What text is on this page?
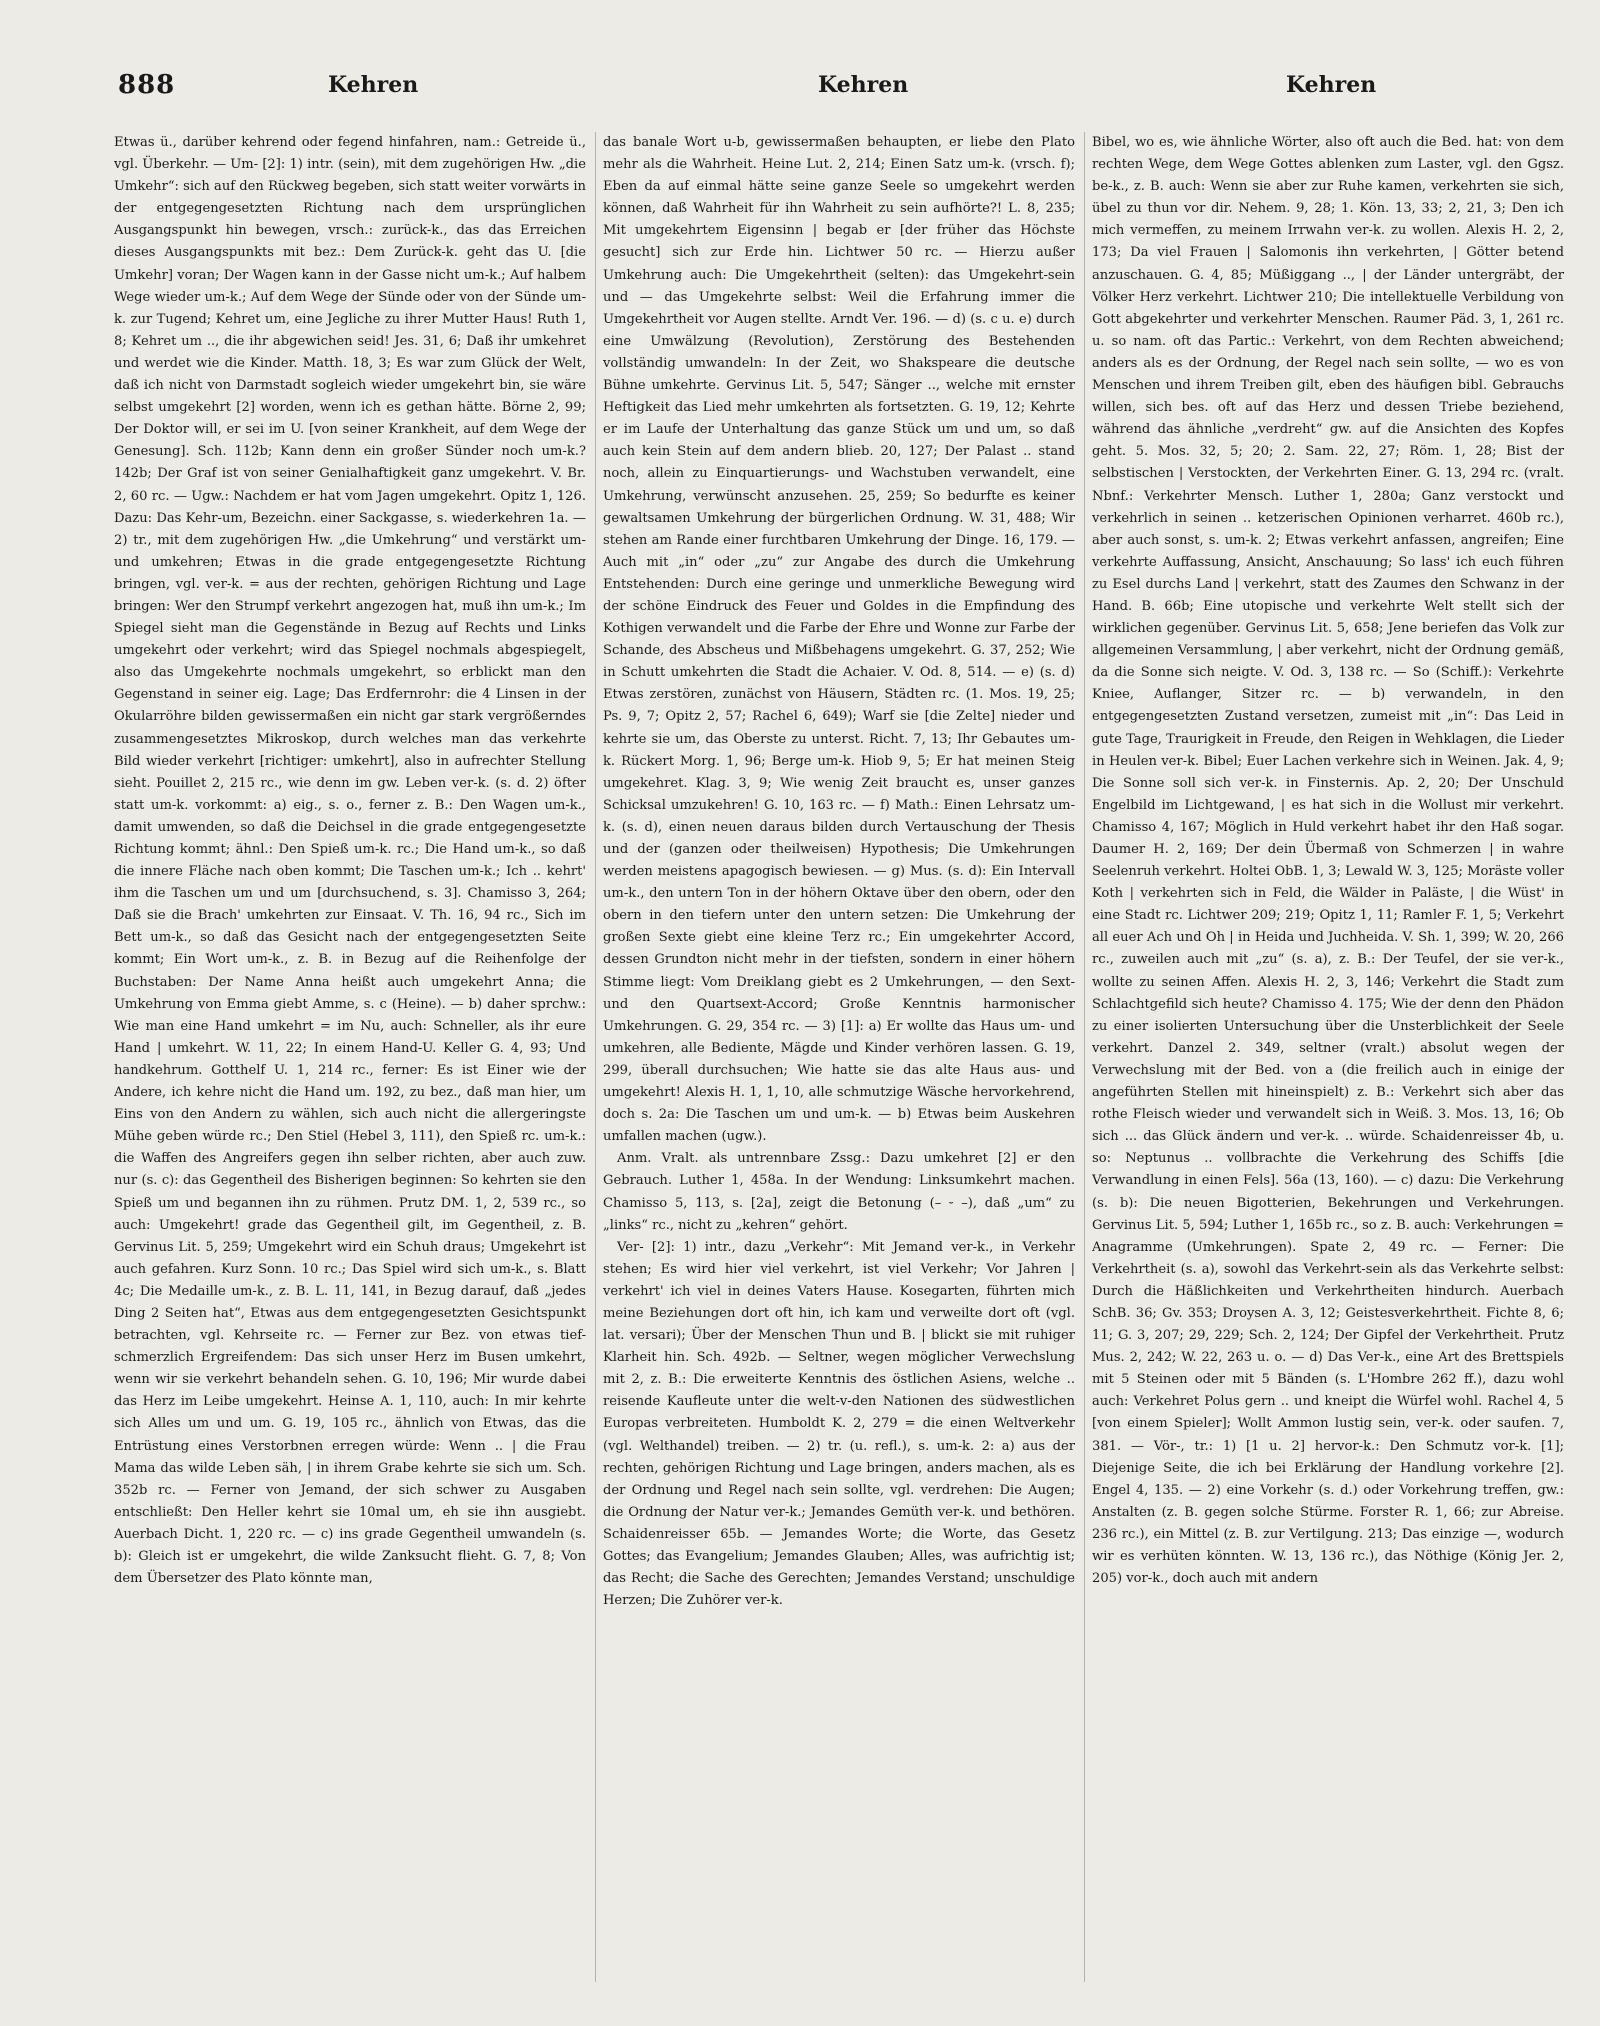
888	Kehren	Kehren	Kehren

Etwas ü., darüber kehrend oder fegend hinfahren, nam.: Getreide ü., vgl. Überkehr. — Um- [2]: 1) intr. (sein), mit dem zugehörigen Hw. „die Umkehr“: sich auf den Rückweg begeben, sich statt weiter vorwärts in der entgegengesetzten Richtung nach dem ursprünglichen Ausgangspunkt hin bewegen, vrsch.: zurück-k., das das Erreichen dieses Ausgangspunkts mit bez.: Dem Zurück-k. geht das U. [die Umkehr] voran; Der Wagen kann in der Gasse nicht um-k.; Auf halbem Wege wieder um-k.; Auf dem Wege der Sünde oder von der Sünde um-k. zur Tugend; Kehret um, eine Jegliche zu ihrer Mutter Haus! Ruth 1, 8; Kehret um .., die ihr abgewichen seid! Jes. 31, 6; Daß ihr umkehret und werdet wie die Kinder. Matth. 18, 3; Es war zum Glück der Welt, daß ich nicht von Darmstadt sogleich wieder umgekehrt bin, sie wäre selbst umgekehrt [2] worden, wenn ich es gethan hätte. Börne 2, 99; Der Doktor will, er sei im U. [von seiner Krankheit, auf dem Wege der Genesung]. Sch. 112b; Kann denn ein großer Sünder noch um-k.? 142b; Der Graf ist von seiner Genialhaftigkeit ganz umgekehrt. V. Br. 2, 60 rc. — Ugw.: Nachdem er hat vom Jagen umgekehrt. Opitz 1, 126. Dazu: Das Kehr-um, Bezeichn. einer Sackgasse, s. wiederkehren 1a. — 2) tr., mit dem zugehörigen Hw. „die Umkehrung“ und verstärkt um- und umkehren; Etwas in die grade entgegengesetzte Richtung bringen, vgl. ver-k. = aus der rechten, gehörigen Richtung und Lage bringen: Wer den Strumpf verkehrt angezogen hat, muß ihn um-k.; Im Spiegel sieht man die Gegenstände in Bezug auf Rechts und Links umgekehrt oder verkehrt; wird das Spiegel nochmals abgespiegelt, also das Umgekehrte nochmals umgekehrt, so erblickt man den Gegenstand in seiner eig. Lage; Das Erdfernrohr: die 4 Linsen in der Okularröhre bilden gewissermaßen ein nicht gar stark vergrößerndes zusammengesetztes Mikroskop, durch welches man das verkehrte Bild wieder verkehrt [richtiger: umkehrt], also in aufrechter Stellung sieht. Pouillet 2, 215 rc., wie denn im gw. Leben ver-k. (s. d. 2) öfter statt um-k. vorkommt: a) eig., s. o., ferner z. B.: Den Wagen um-k., damit umwenden, so daß die Deichsel in die grade entgegengesetzte Richtung kommt; ähnl.: Den Spieß um-k. rc.; Die Hand um-k., so daß die innere Fläche nach oben kommt; Die Taschen um-k.; Ich .. kehrt' ihm die Taschen um und um [durchsuchend, s. 3]. Chamisso 3, 264; Daß sie die Brach' umkehrten zur Einsaat. V. Th. 16, 94 rc., Sich im Bett um-k., so daß das Gesicht nach der entgegengesetzten Seite kommt; Ein Wort um-k., z. B. in Bezug auf die Reihenfolge der Buchstaben: Der Name Anna heißt auch umgekehrt Anna; die Umkehrung von Emma giebt Amme, s. c (Heine). — b) daher sprchw.: Wie man eine Hand umkehrt = im Nu, auch: Schneller, als ihr eure Hand | umkehrt. W. 11, 22; In einem Hand-U. Keller G. 4, 93; Und handkehrum. Gotthelf U. 1, 214 rc., ferner: Es ist Einer wie der Andere, ich kehre nicht die Hand um. 192, zu bez., daß man hier, um Eins von den Andern zu wählen, sich auch nicht die allergeringste Mühe geben würde rc.; Den Stiel (Hebel 3, 111), den Spieß rc. um-k.: die Waffen des Angreifers gegen ihn selber richten, aber auch zuw. nur (s. c): das Gegentheil des Bisherigen beginnen: So kehrten sie den Spieß um und begannen ihn zu rühmen. Prutz DM. 1, 2, 539 rc., so auch: Umgekehrt! grade das Gegentheil gilt, im Gegentheil, z. B. Gervinus Lit. 5, 259; Umgekehrt wird ein Schuh draus; Umgekehrt ist auch gefahren. Kurz Sonn. 10 rc.; Das Spiel wird sich um-k., s. Blatt 4c; Die Medaille um-k., z. B. L. 11, 141, in Bezug darauf, daß „jedes Ding 2 Seiten hat“, Etwas aus dem entgegengesetzten Gesichtspunkt betrachten, vgl. Kehrseite rc. — Ferner zur Bez. von etwas tief-schmerzlich Ergreifendem: Das sich unser Herz im Busen umkehrt, wenn wir sie verkehrt behandeln sehen. G. 10, 196; Mir wurde dabei das Herz im Leibe umgekehrt. Heinse A. 1, 110, auch: In mir kehrte sich Alles um und um. G. 19, 105 rc., ähnlich von Etwas, das die Entrüstung eines Verstorbnen erregen würde: Wenn .. | die Frau Mama das wilde Leben säh, | in ihrem Grabe kehrte sie sich um. Sch. 352b rc. — Ferner von Jemand, der sich schwer zu Ausgaben entschließt: Den Heller kehrt sie 10mal um, eh sie ihn ausgiebt. Auerbach Dicht. 1, 220 rc. — c) ins grade Gegentheil umwandeln (s. b): Gleich ist er umgekehrt, die wilde Zanksucht flieht. G. 7, 8; Von dem Übersetzer des Plato könnte man,

das banale Wort u-b, gewissermaßen behaupten, er liebe den Plato mehr als die Wahrheit. Heine Lut. 2, 214; Einen Satz um-k. (vrsch. f); Eben da auf einmal hätte seine ganze Seele so umgekehrt werden können, daß Wahrheit für ihn Wahrheit zu sein aufhörte?! L. 8, 235; Mit umgekehrtem Eigensinn | begab er [der früher das Höchste gesucht] sich zur Erde hin. Lichtwer 50 rc. — Hierzu außer Umkehrung auch: Die Umgekehrtheit (selten): das Umgekehrt-sein und — das Umgekehrte selbst: Weil die Erfahrung immer die Umgekehrtheit vor Augen stellte. Arndt Ver. 196. — d) (s. c u. e) durch eine Umwälzung (Revolution), Zerstörung des Bestehenden vollständig umwandeln: In der Zeit, wo Shakspeare die deutsche Bühne umkehrte. Gervinus Lit. 5, 547; Sänger .., welche mit ernster Heftigkeit das Lied mehr umkehrten als fortsetzten. G. 19, 12; Kehrte er im Laufe der Unterhaltung das ganze Stück um und um, so daß auch kein Stein auf dem andern blieb. 20, 127; Der Palast .. stand noch, allein zu Einquartierungs- und Wachstuben verwandelt, eine Umkehrung, verwünscht anzusehen. 25, 259; So bedurfte es keiner gewaltsamen Umkehrung der bürgerlichen Ordnung. W. 31, 488; Wir stehen am Rande einer furchtbaren Umkehrung der Dinge. 16, 179. — Auch mit „in“ oder „zu“ zur Angabe des durch die Umkehrung Entstehenden: Durch eine geringe und unmerkliche Bewegung wird der schöne Eindruck des Feuer und Goldes in die Empfindung des Kothigen verwandelt und die Farbe der Ehre und Wonne zur Farbe der Schande, des Abscheus und Mißbehagens umgekehrt. G. 37, 252; Wie in Schutt umkehrten die Stadt die Achaier. V. Od. 8, 514. — e) (s. d) Etwas zerstören, zunächst von Häusern, Städten rc. (1. Mos. 19, 25; Ps. 9, 7; Opitz 2, 57; Rachel 6, 649); Warf sie [die Zelte] nieder und kehrte sie um, das Oberste zu unterst. Richt. 7, 13; Ihr Gebautes um-k. Rückert Morg. 1, 96; Berge um-k. Hiob 9, 5; Er hat meinen Steig umgekehret. Klag. 3, 9; Wie wenig Zeit braucht es, unser ganzes Schicksal umzukehren! G. 10, 163 rc. — f) Math.: Einen Lehrsatz um-k. (s. d), einen neuen daraus bilden durch Vertauschung der Thesis und der (ganzen oder theilweisen) Hypothesis; Die Umkehrungen werden meistens apagogisch bewiesen. — g) Mus. (s. d): Ein Intervall um-k., den untern Ton in der höhern Oktave über den obern, oder den obern in den tiefern unter den untern setzen: Die Umkehrung der großen Sexte giebt eine kleine Terz rc.; Ein umgekehrter Accord, dessen Grundton nicht mehr in der tiefsten, sondern in einer höhern Stimme liegt: Vom Dreiklang giebt es 2 Umkehrungen, — den Sext- und den Quartsext-Accord; Große Kenntnis harmonischer Umkehrungen. G. 29, 354 rc. — 3) [1]: a) Er wollte das Haus um- und umkehren, alle Bediente, Mägde und Kinder verhören lassen. G. 19, 299, überall durchsuchen; Wie hatte sie das alte Haus aus- und umgekehrt! Alexis H. 1, 1, 10, alle schmutzige Wäsche hervorkehrend, doch s. 2a: Die Taschen um und um-k. — b) Etwas beim Auskehren umfallen machen (ugw.).

Anm. Vralt. als untrennbare Zssg.: Dazu umkehret [2] er den Gebrauch. Luther 1, 458a. In der Wendung: Linksumkehrt machen. Chamisso 5, 113, s. [2a], zeigt die Betonung (– ⏑ –), daß „um“ zu „links“ rc., nicht zu „kehren“ gehört.

Ver- [2]: 1) intr., dazu „Verkehr“: Mit Jemand ver-k., in Verkehr stehen; Es wird hier viel verkehrt, ist viel Verkehr; Vor Jahren | verkehrt' ich viel in deines Vaters Hause. Kosegarten, führten mich meine Beziehungen dort oft hin, ich kam und verweilte dort oft (vgl. lat. versari); Über der Menschen Thun und B. | blickt sie mit ruhiger Klarheit hin. Sch. 492b. — Seltner, wegen möglicher Verwechslung mit 2, z. B.: Die erweiterte Kenntnis des östlichen Asiens, welche .. reisende Kaufleute unter die welt-v-den Nationen des südwestlichen Europas verbreiteten. Humboldt K. 2, 279 = die einen Weltverkehr (vgl. Welthandel) treiben. — 2) tr. (u. refl.), s. um-k. 2: a) aus der rechten, gehörigen Richtung und Lage bringen, anders machen, als es der Ordnung und Regel nach sein sollte, vgl. verdrehen: Die Augen; die Ordnung der Natur ver-k.; Jemandes Gemüth ver-k. und bethören. Schaidenreisser 65b. — Jemandes Worte; die Worte, das Gesetz Gottes; das Evangelium; Jemandes Glauben; Alles, was aufrichtig ist; das Recht; die Sache des Gerechten; Jemandes Verstand; unschuldige Herzen; Die Zuhörer ver-k.

Bibel, wo es, wie ähnliche Wörter, also oft auch die Bed. hat: von dem rechten Wege, dem Wege Gottes ablenken zum Laster, vgl. den Ggsz. be-k., z. B. auch: Wenn sie aber zur Ruhe kamen, verkehrten sie sich, übel zu thun vor dir. Nehem. 9, 28; 1. Kön. 13, 33; 2, 21, 3; Den ich mich vermeffen, zu meinem Irrwahn ver-k. zu wollen. Alexis H. 2, 2, 173; Da viel Frauen | Salomonis ihn verkehrten, | Götter betend anzuschauen. G. 4, 85; Müßiggang .., | der Länder untergräbt, der Völker Herz verkehrt. Lichtwer 210; Die intellektuelle Verbildung von Gott abgekehrter und verkehrter Menschen. Raumer Päd. 3, 1, 261 rc. u. so nam. oft das Partic.: Verkehrt, von dem Rechten abweichend; anders als es der Ordnung, der Regel nach sein sollte, — wo es von Menschen und ihrem Treiben gilt, eben des häufigen bibl. Gebrauchs willen, sich bes. oft auf das Herz und dessen Triebe beziehend, während das ähnliche „verdreht“ gw. auf die Ansichten des Kopfes geht. 5. Mos. 32, 5; 20; 2. Sam. 22, 27; Röm. 1, 28; Bist der selbstischen | Verstockten, der Verkehrten Einer. G. 13, 294 rc. (vralt. Nbnf.: Verkehrter Mensch. Luther 1, 280a; Ganz verstockt und verkehrlich in seinen .. ketzerischen Opinionen verharret. 460b rc.), aber auch sonst, s. um-k. 2; Etwas verkehrt anfassen, angreifen; Eine verkehrte Auffassung, Ansicht, Anschauung; So lass' ich euch führen zu Esel durchs Land | verkehrt, statt des Zaumes den Schwanz in der Hand. B. 66b; Eine utopische und verkehrte Welt stellt sich der wirklichen gegenüber. Gervinus Lit. 5, 658; Jene beriefen das Volk zur allgemeinen Versammlung, | aber verkehrt, nicht der Ordnung gemäß, da die Sonne sich neigte. V. Od. 3, 138 rc. — So (Schiff.): Verkehrte Kniee, Auflanger, Sitzer rc. — b) verwandeln, in den entgegengesetzten Zustand versetzen, zumeist mit „in“: Das Leid in gute Tage, Traurigkeit in Freude, den Reigen in Wehklagen, die Lieder in Heulen ver-k. Bibel; Euer Lachen verkehre sich in Weinen. Jak. 4, 9; Die Sonne soll sich ver-k. in Finsternis. Ap. 2, 20; Der Unschuld Engelbild im Lichtgewand, | es hat sich in die Wollust mir verkehrt. Chamisso 4, 167; Möglich in Huld verkehrt habet ihr den Haß sogar. Daumer H. 2, 169; Der dein Übermaß von Schmerzen | in wahre Seelenruh verkehrt. Holtei ObB. 1, 3; Lewald W. 3, 125; Moräste voller Koth | verkehrten sich in Feld, die Wälder in Paläste, | die Wüst' in eine Stadt rc. Lichtwer 209; 219; Opitz 1, 11; Ramler F. 1, 5; Verkehrt all euer Ach und Oh | in Heida und Juchheida. V. Sh. 1, 399; W. 20, 266 rc., zuweilen auch mit „zu“ (s. a), z. B.: Der Teufel, der sie ver-k., wollte zu seinen Affen. Alexis H. 2, 3, 146; Verkehrt die Stadt zum Schlachtgefild sich heute? Chamisso 4. 175; Wie der denn den Phädon zu einer isolierten Untersuchung über die Unsterblichkeit der Seele verkehrt. Danzel 2. 349, seltner (vralt.) absolut wegen der Verwechslung mit der Bed. von a (die freilich auch in einige der angeführten Stellen mit hineinspielt) z. B.: Verkehrt sich aber das rothe Fleisch wieder und verwandelt sich in Weiß. 3. Mos. 13, 16; Ob sich ... das Glück ändern und ver-k. .. würde. Schaidenreisser 4b, u. so: Neptunus .. vollbrachte die Verkehrung des Schiffs [die Verwandlung in einen Fels]. 56a (13, 160). — c) dazu: Die Verkehrung (s. b): Die neuen Bigotterien, Bekehrungen und Verkehrungen. Gervinus Lit. 5, 594; Luther 1, 165b rc., so z. B. auch: Verkehrungen = Anagramme (Umkehrungen). Spate 2, 49 rc. — Ferner: Die Verkehrtheit (s. a), sowohl das Verkehrt-sein als das Verkehrte selbst: Durch die Häßlichkeiten und Verkehrtheiten hindurch. Auerbach SchB. 36; Gv. 353; Droysen A. 3, 12; Geistesverkehrtheit. Fichte 8, 6; 11; G. 3, 207; 29, 229; Sch. 2, 124; Der Gipfel der Verkehrtheit. Prutz Mus. 2, 242; W. 22, 263 u. o. — d) Das Ver-k., eine Art des Brettspiels mit 5 Steinen oder mit 5 Bänden (s. L'Hombre 262 ff.), dazu wohl auch: Verkehret Polus gern .. und kneipt die Würfel wohl. Rachel 4, 5 [von einem Spieler]; Wollt Ammon lustig sein, ver-k. oder saufen. 7, 381. — Vör-, tr.: 1) [1 u. 2] hervor-k.: Den Schmutz vor-k. [1]; Diejenige Seite, die ich bei Erklärung der Handlung vorkehre [2]. Engel 4, 135. — 2) eine Vorkehr (s. d.) oder Vorkehrung treffen, gw.: Anstalten (z. B. gegen solche Stürme. Forster R. 1, 66; zur Abreise. 236 rc.), ein Mittel (z. B. zur Vertilgung. 213; Das einzige —, wodurch wir es verhüten könnten. W. 13, 136 rc.), das Nöthige (König Jer. 2, 205) vor-k., doch auch mit andern
